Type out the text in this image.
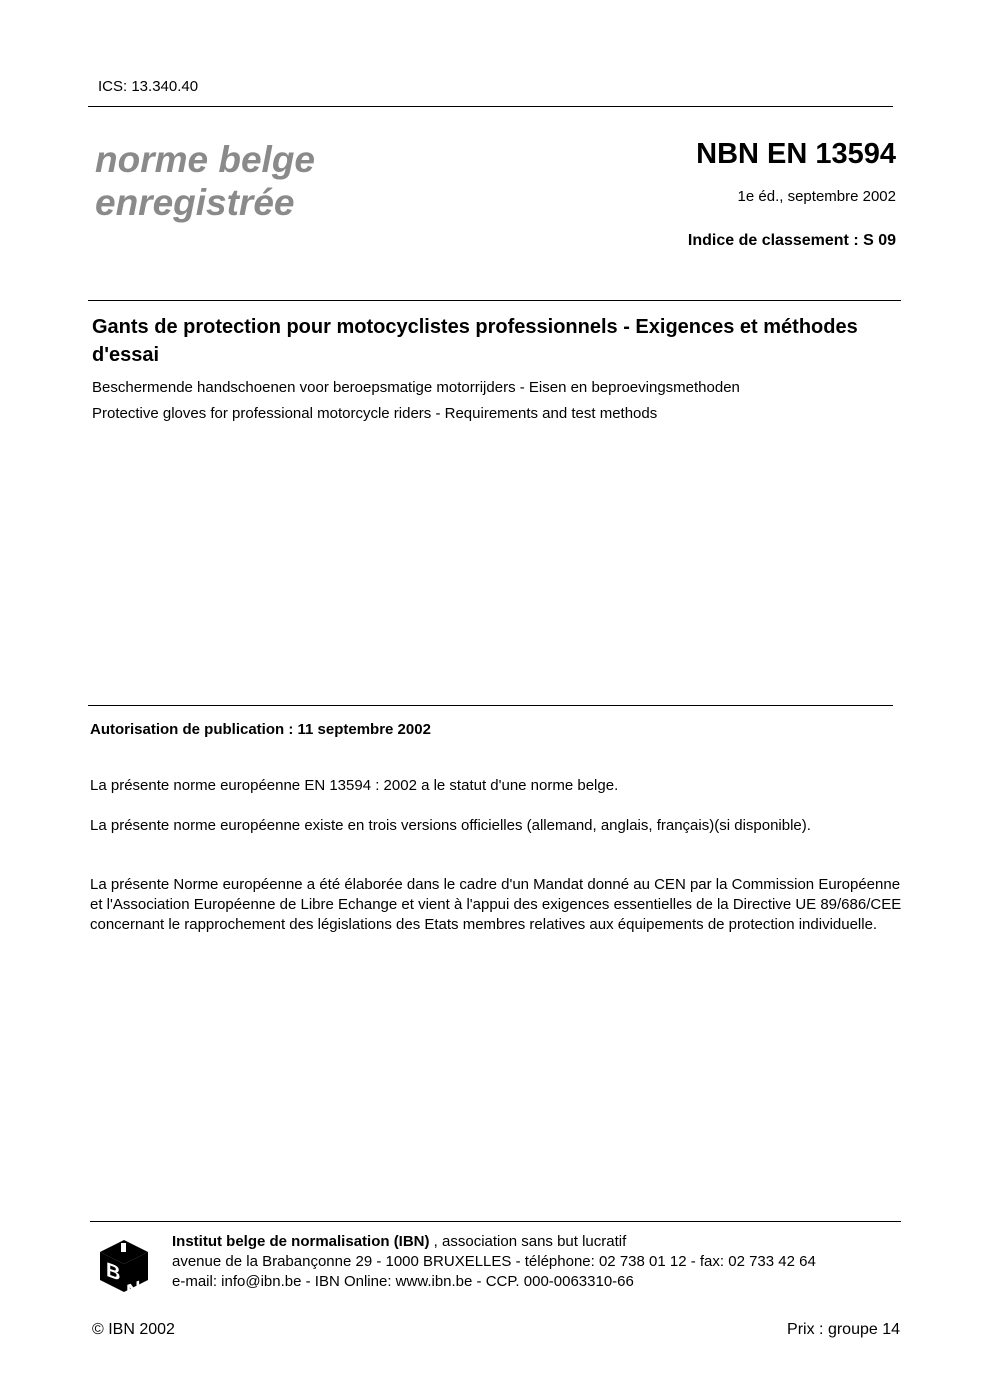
ICS: 13.340.40
norme belge
enregistrée
NBN EN 13594
1e éd., septembre 2002
Indice de classement : S 09
Gants de protection pour motocyclistes professionnels - Exigences et méthodes d'essai
Beschermende handschoenen voor beroepsmatige motorrijders - Eisen en beproevingsmethoden
Protective gloves for professional motorcycle riders - Requirements and test methods
Autorisation de publication : 11 septembre 2002
La présente norme européenne EN 13594 : 2002 a le statut d'une norme belge.
La présente norme européenne existe en trois versions officielles (allemand, anglais, français)(si disponible).
La présente Norme européenne a été élaborée dans le cadre d'un Mandat donné au CEN par la Commission Européenne et l'Association Européenne de Libre Echange et vient à l'appui des exigences essentielles de la Directive UE 89/686/CEE concernant le rapprochement des législations des Etats membres relatives aux équipements de protection individuelle.
B
N
Institut belge de normalisation (IBN) , association sans but lucratif
avenue de la Brabançonne 29 - 1000 BRUXELLES - téléphone: 02 738 01 12 - fax: 02 733 42 64
e-mail: info@ibn.be - IBN Online: www.ibn.be - CCP. 000-0063310-66
© IBN 2002	Prix : groupe 14
